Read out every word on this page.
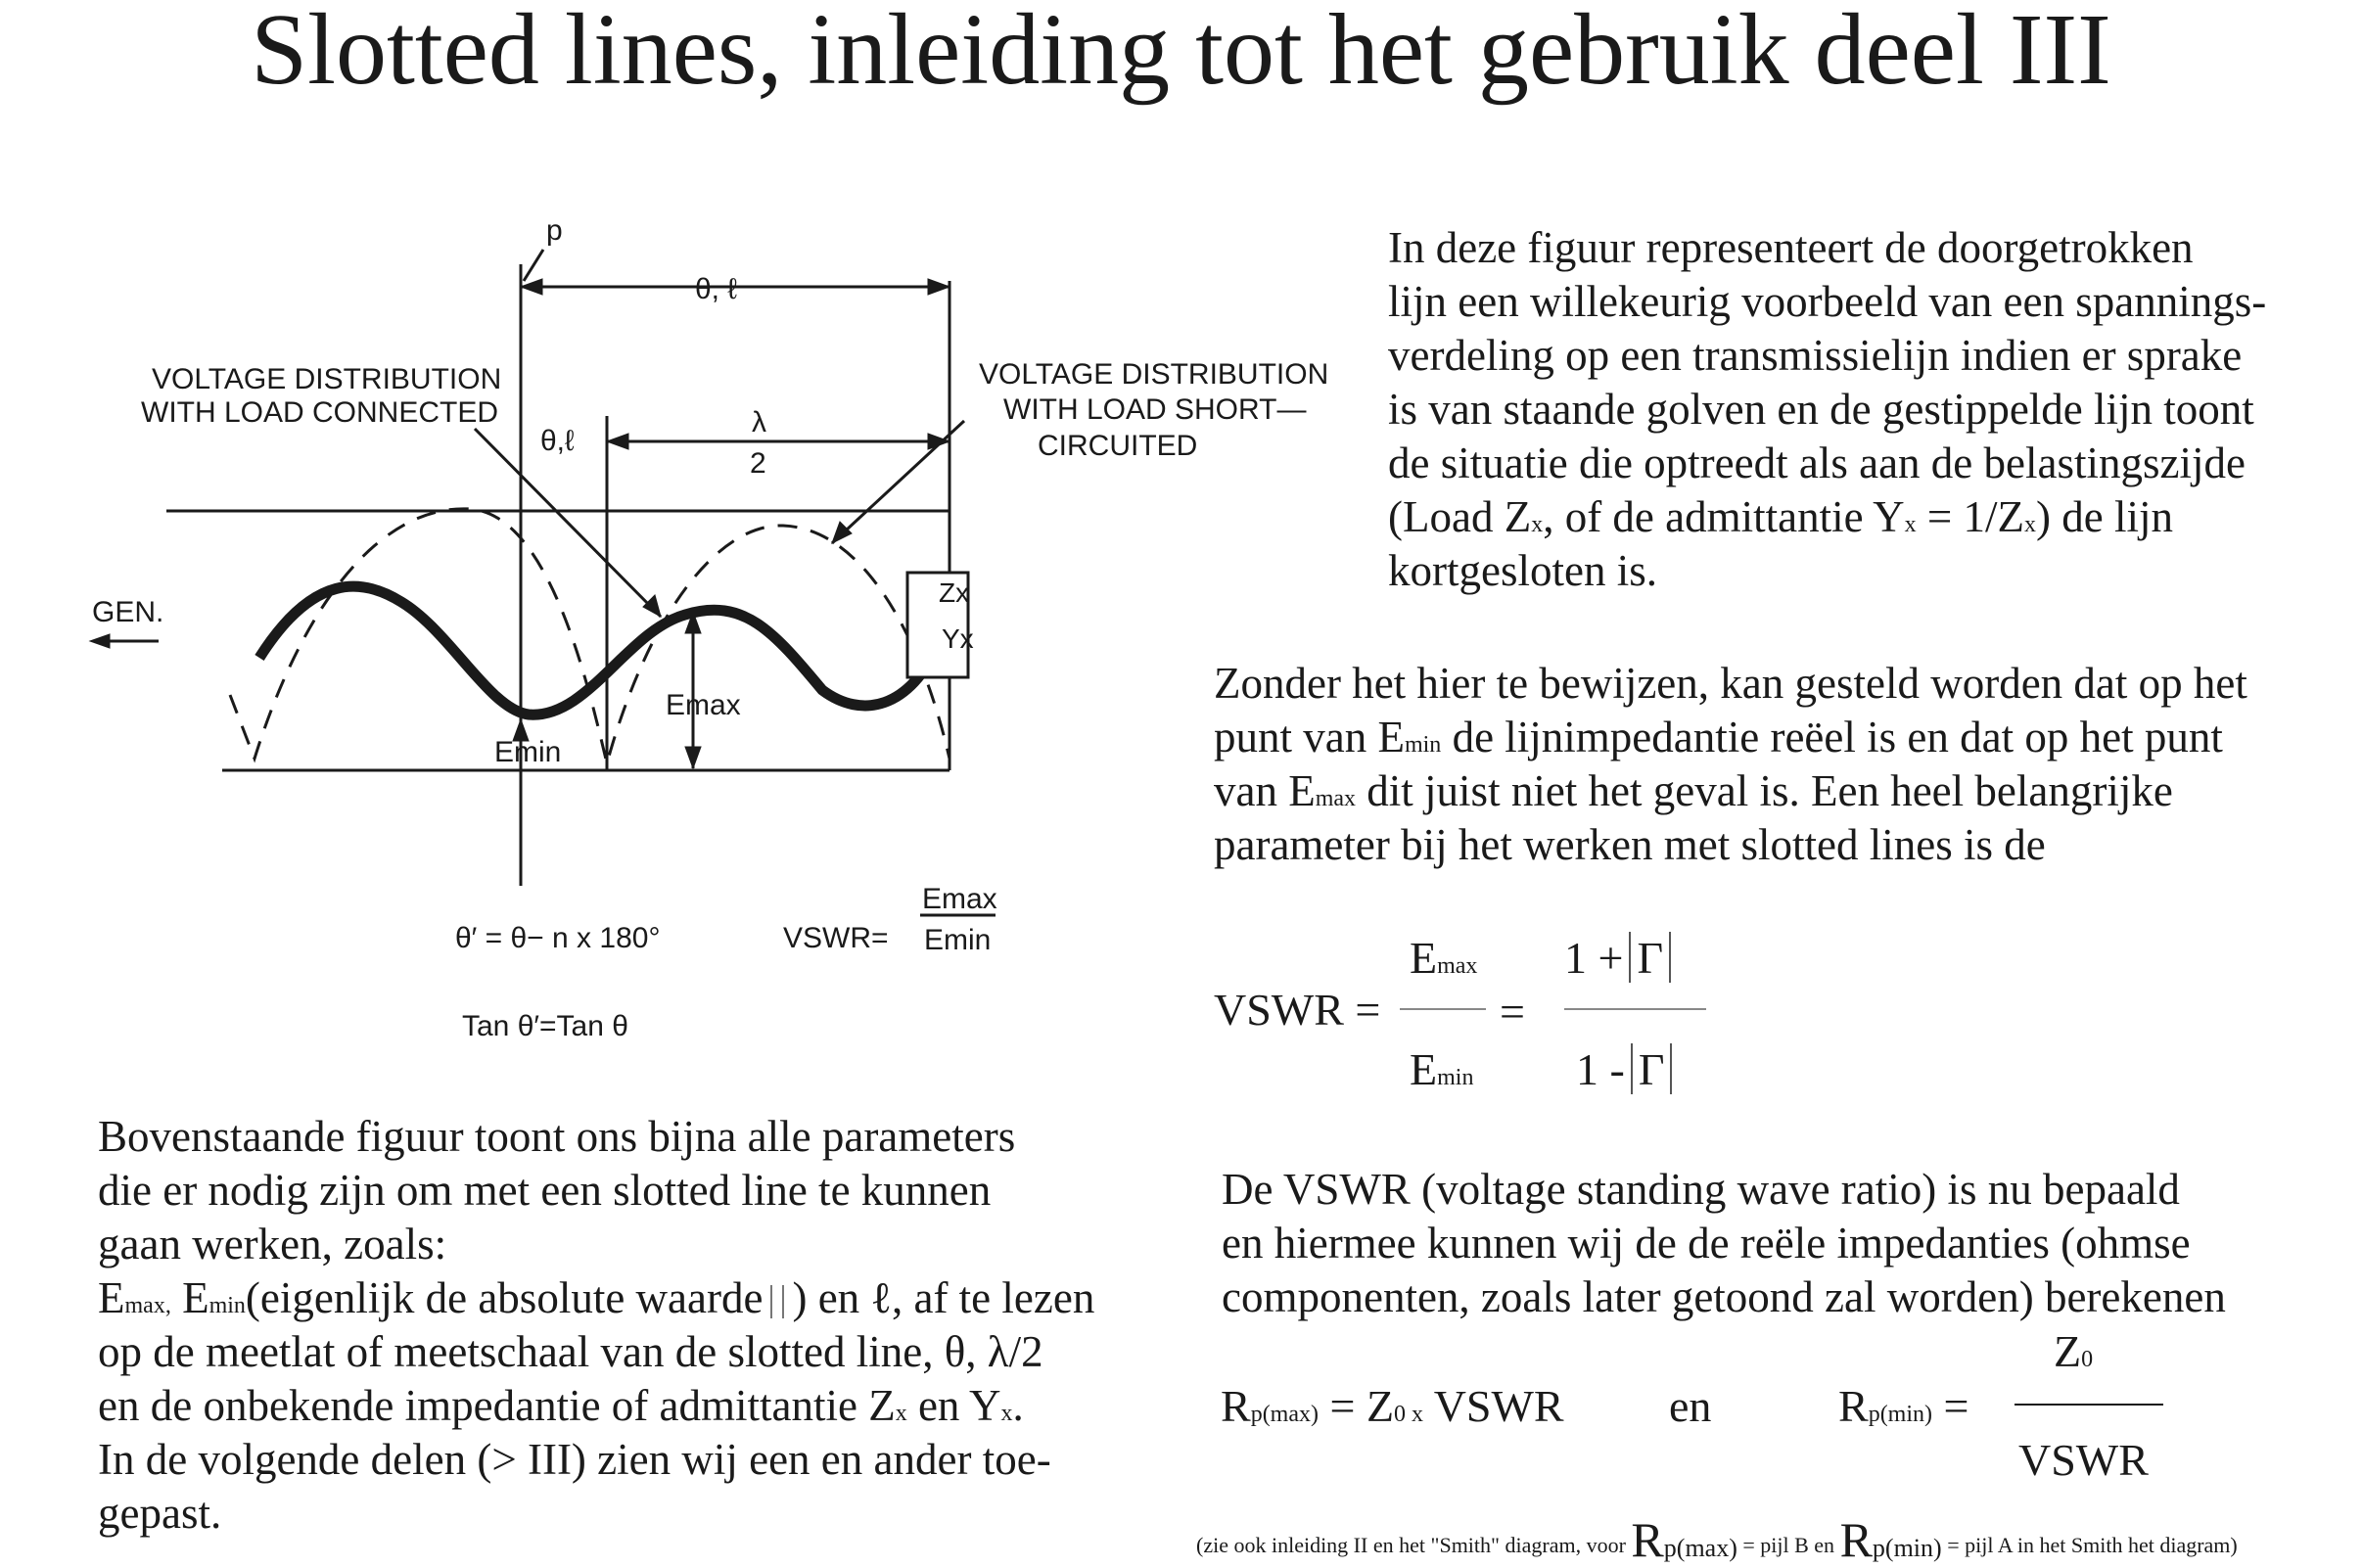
Slotted lines, inleiding tot het gebruik deel III
p
θ, ℓ
θ,ℓ
λ
2
VOLTAGE DISTRIBUTION
WITH LOAD CONNECTED
VOLTAGE DISTRIBUTION
WITH LOAD SHORT—
CIRCUITED
GEN.
Zx
Yx
Emax
Emin
θ′ = θ− n x 180°	VSWR=
Emax
Emin
Tan θ′=Tan θ
In deze figuur representeert de doorgetrokken
lijn een willekeurig voorbeeld van een spannings-
verdeling op een transmissielijn indien er sprake
is van staande golven en de gestippelde lijn toont
de situatie die optreedt als aan de belastingszijde
(Load Zx, of de admittantie Yx = 1/Zx) de lijn
kortgesloten is.
Zonder het hier te bewijzen, kan gesteld worden dat op het
punt van Emin de lijnimpedantie reëel is en dat op het punt
van Emax dit juist niet het geval is. Een heel belangrijke
parameter bij het werken met slotted lines is de
VSWR =
Emax
Emin
=
1 + Γ
1 - Γ
Bovenstaande figuur toont ons bijna alle parameters
die er nodig zijn om met een slotted line te kunnen
gaan werken, zoals:
Emax, Emin(eigenlijk de absolute waarde ) en ℓ, af te lezen
op de meetlat of meetschaal van de slotted line, θ, λ/2
en de onbekende impedantie of admittantie Zx en Yx.
In de volgende delen (> III) zien wij een en ander toe-
gepast.
De VSWR (voltage standing wave ratio) is nu bepaald
en hiermee kunnen wij de de reële impedanties (ohmse
componenten, zoals later getoond zal worden) berekenen
Rp(max) = Z0 x VSWR en	Rp(min) =
Z0
VSWR
(zie ook inleiding II en het "Smith" diagram, voor Rp(max) = pijl B en Rp(min) = pijl A in het Smith het diagram)
